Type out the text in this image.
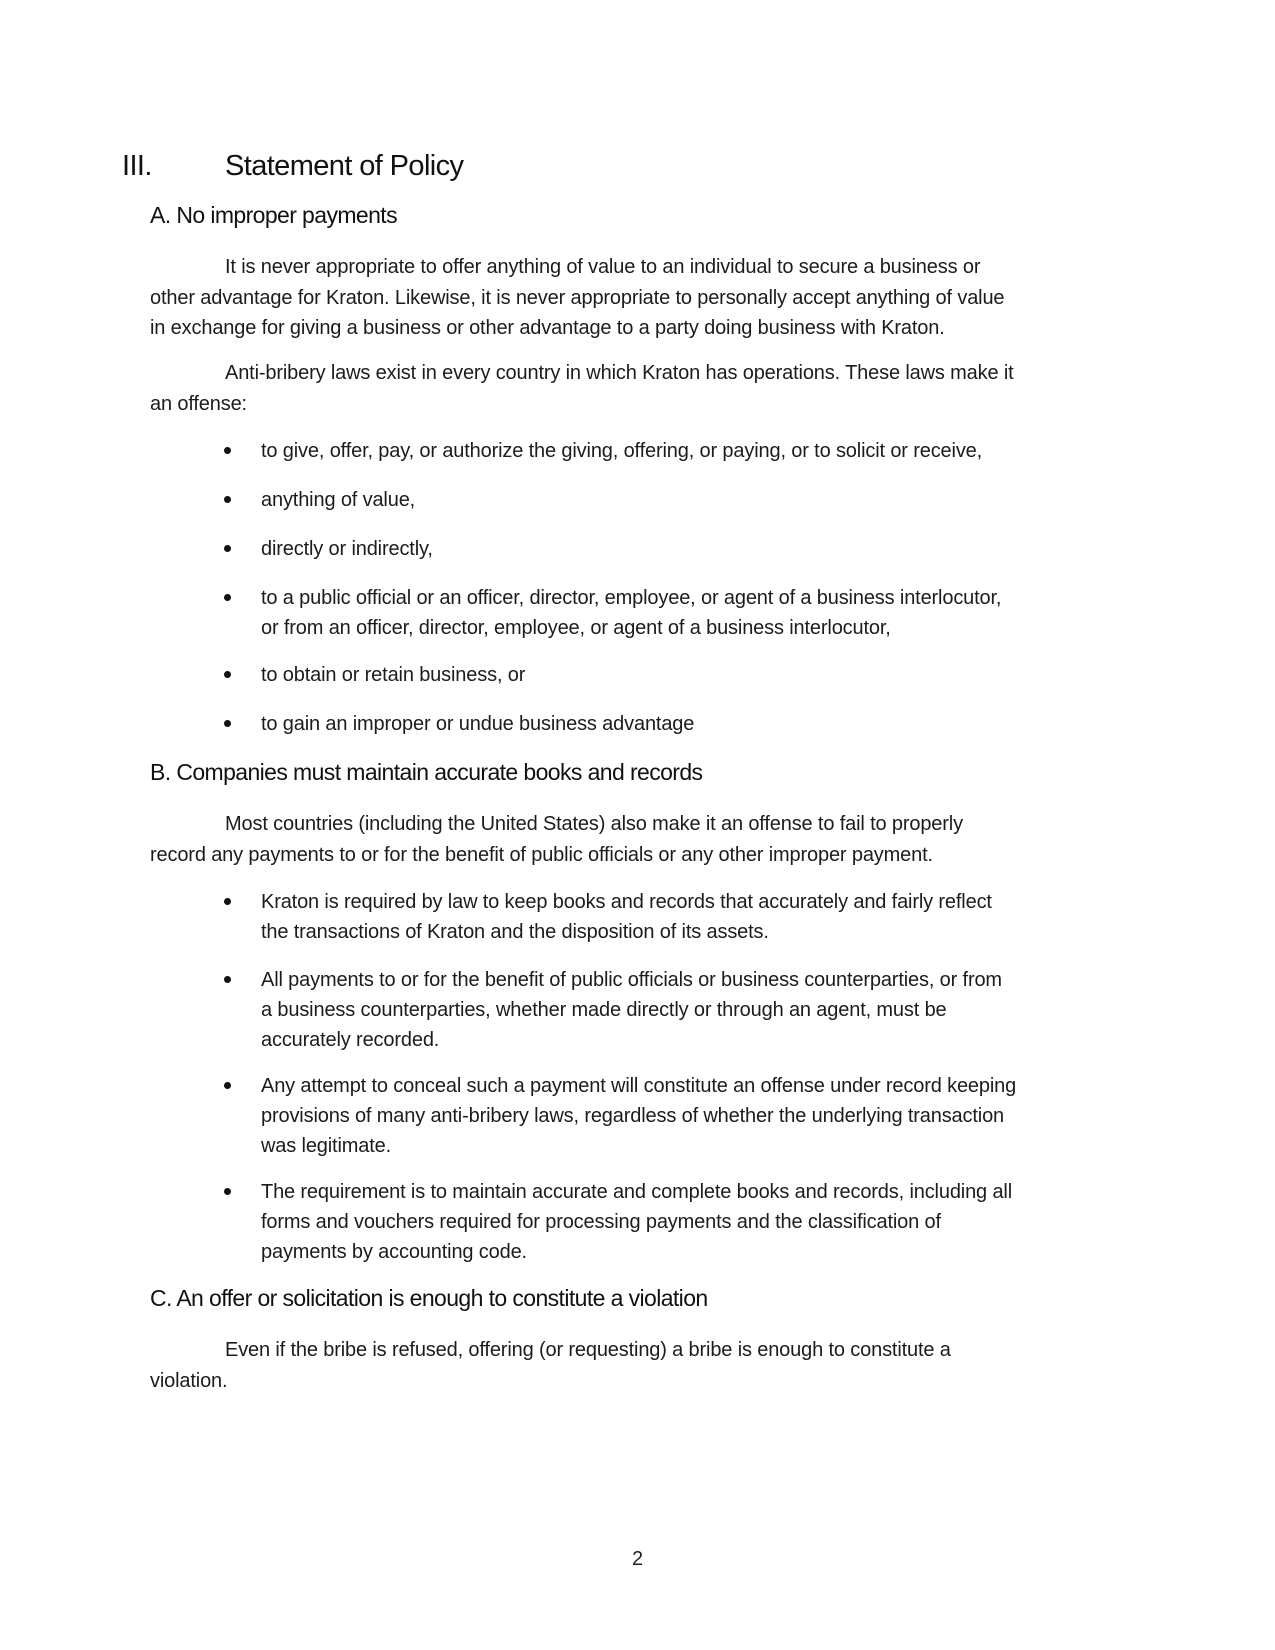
III.	Statement of Policy
A. No improper payments
It is never appropriate to offer anything of value to an individual to secure a business or
other advantage for Kraton. Likewise, it is never appropriate to personally accept anything of value
in exchange for giving a business or other advantage to a party doing business with Kraton.
Anti-bribery laws exist in every country in which Kraton has operations. These laws make it
an offense:
to give, offer, pay, or authorize the giving, offering, or paying, or to solicit or receive,
anything of value,
directly or indirectly,
to a public official or an officer, director, employee, or agent of a business interlocutor,
or from an officer, director, employee, or agent of a business interlocutor,
to obtain or retain business, or
to gain an improper or undue business advantage
B. Companies must maintain accurate books and records
Most countries (including the United States) also make it an offense to fail to properly
record any payments to or for the benefit of public officials or any other improper payment.
Kraton is required by law to keep books and records that accurately and fairly reflect
the transactions of Kraton and the disposition of its assets.
All payments to or for the benefit of public officials or business counterparties, or from
a business counterparties, whether made directly or through an agent, must be
accurately recorded.
Any attempt to conceal such a payment will constitute an offense under record keeping
provisions of many anti-bribery laws, regardless of whether the underlying transaction
was legitimate.
The requirement is to maintain accurate and complete books and records, including all
forms and vouchers required for processing payments and the classification of
payments by accounting code.
C. An offer or solicitation is enough to constitute a violation
Even if the bribe is refused, offering (or requesting) a bribe is enough to constitute a
violation.
2
